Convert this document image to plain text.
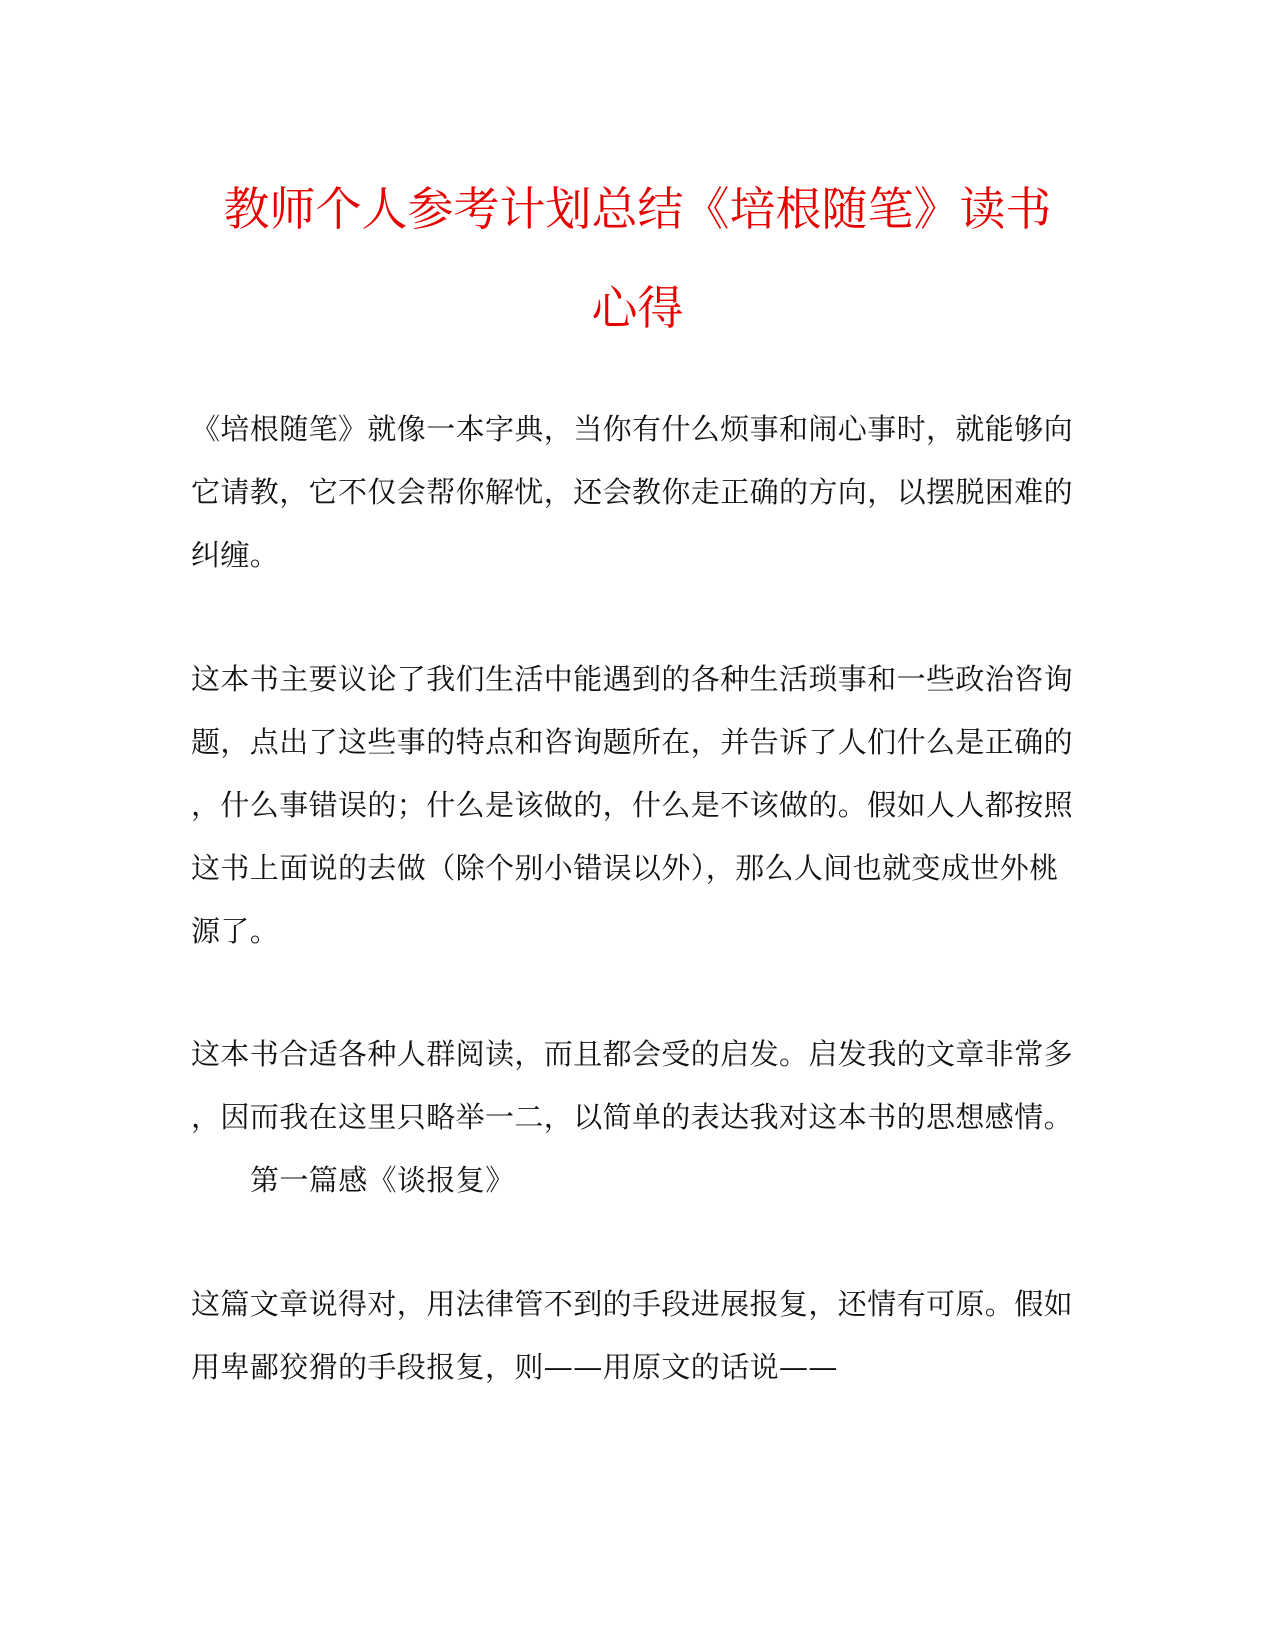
教师个人参考计划总结《培根随笔》读书
心得

《培根随笔》就像一本字典，当你有什么烦事和闹心事时，就能够向

它请教，它不仅会帮你解忧，还会教你走正确的方向，以摆脱困难的

纠缠。

这本书主要议论了我们生活中能遇到的各种生活琐事和一些政治咨询

题，点出了这些事的特点和咨询题所在，并告诉了人们什么是正确的

，什么事错误的；什么是该做的，什么是不该做的。假如人人都按照

这书上面说的去做（除个别小错误以外），那么人间也就变成世外桃

源了。

这本书合适各种人群阅读，而且都会受的启发。启发我的文章非常多

，因而我在这里只略举一二，以简单的表达我对这本书的思想感情。

第一篇感《谈报复》

这篇文章说得对，用法律管不到的手段进展报复，还情有可原。假如

用卑鄙狡猾的手段报复，则——用原文的话说——
